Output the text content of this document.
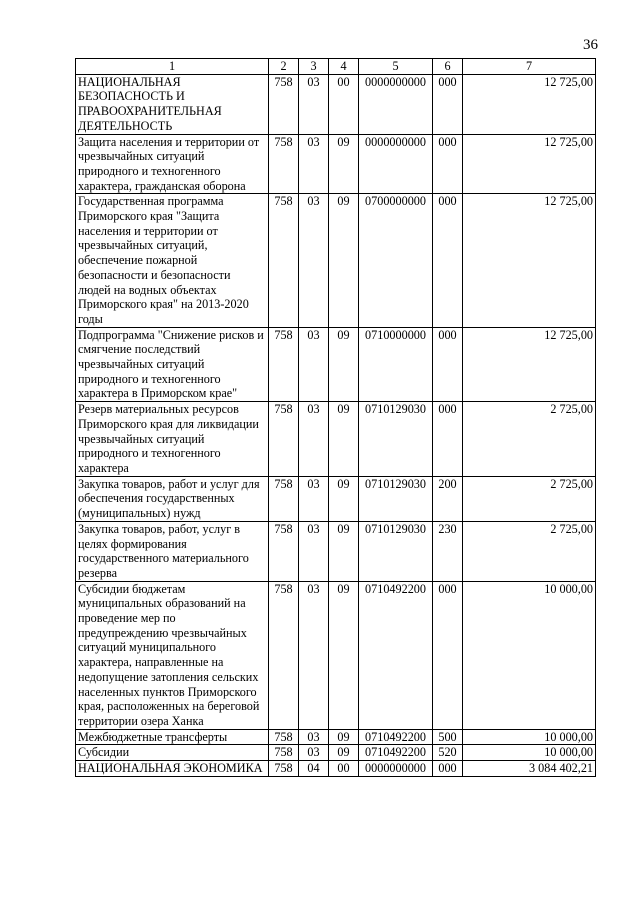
36
1	2	3	4	5	6	7
НАЦИОНАЛЬНАЯ БЕЗОПАСНОСТЬ И ПРАВООХРАНИТЕЛЬНАЯ ДЕЯТЕЛЬНОСТЬ	758	03	00	0000000000	000	12 725,00
Защита населения и территории от чрезвычайных ситуаций природного и техногенного характера, гражданская оборона	758	03	09	0000000000	000	12 725,00
Государственная программа Приморского края "Защита населения и территории от чрезвычайных ситуаций, обеспечение пожарной безопасности и безопасности людей на водных объектах Приморского края" на 2013-2020 годы	758	03	09	0700000000	000	12 725,00
Подпрограмма "Снижение рисков и смягчение последствий чрезвычайных ситуаций природного и техногенного характера в Приморском крае"	758	03	09	0710000000	000	12 725,00
Резерв материальных ресурсов Приморского края для ликвидации чрезвычайных ситуаций природного и техногенного характера	758	03	09	0710129030	000	2 725,00
Закупка товаров, работ и услуг для обеспечения государственных (муниципальных) нужд	758	03	09	0710129030	200	2 725,00
Закупка товаров, работ, услуг в целях формирования государственного материального резерва	758	03	09	0710129030	230	2 725,00
Субсидии бюджетам муниципальных образований на проведение мер по предупреждению чрезвычайных ситуаций муниципального характера, направленные на недопущение затопления сельских населенных пунктов Приморского края, расположенных на береговой территории озера Ханка	758	03	09	0710492200	000	10 000,00
Межбюджетные трансферты	758	03	09	0710492200	500	10 000,00
Субсидии	758	03	09	0710492200	520	10 000,00
НАЦИОНАЛЬНАЯ ЭКОНОМИКА	758	04	00	0000000000	000	3 084 402,21
